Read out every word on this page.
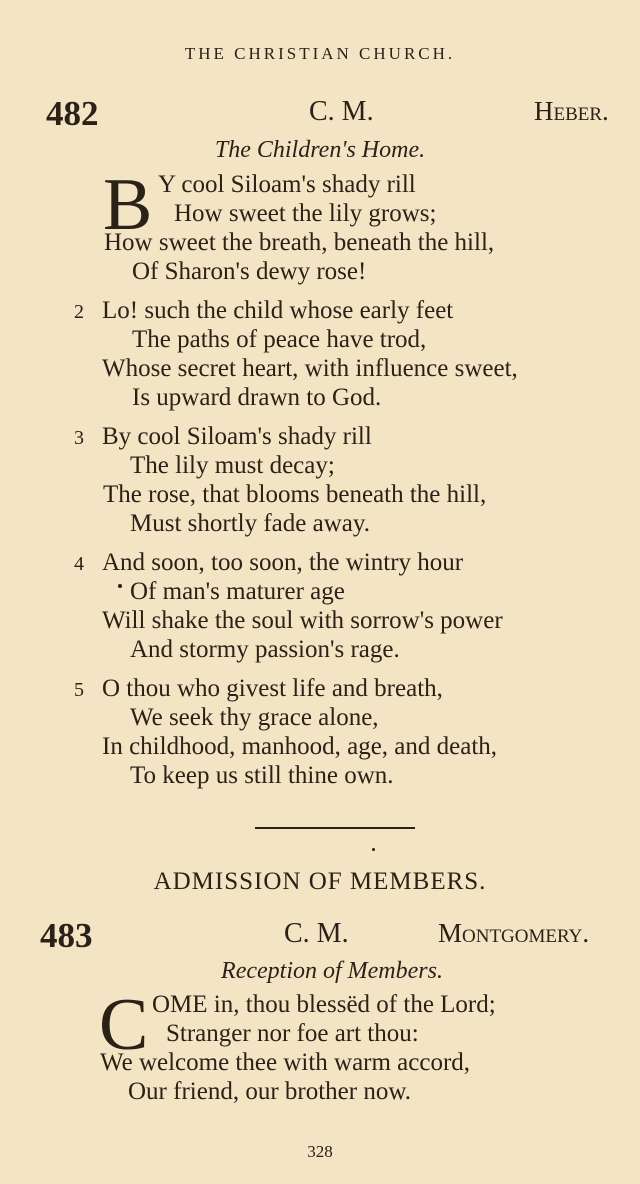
THE CHRISTIAN CHURCH.
482	C. M.	Heber.
The Children's Home.
B Y cool Siloam's shady rill
How sweet the lily grows;
How sweet the breath, beneath the hill,
Of Sharon's dewy rose!
2 Lo! such the child whose early feet
The paths of peace have trod,
Whose secret heart, with influence sweet,
Is upward drawn to God.
3 By cool Siloam's shady rill
The lily must decay;
The rose, that blooms beneath the hill,
Must shortly fade away.
4 And soon, too soon, the wintry hour
Of man's maturer age
Will shake the soul with sorrow's power
And stormy passion's rage.
5 O thou who givest life and breath,
We seek thy grace alone,
In childhood, manhood, age, and death,
To keep us still thine own.
ADMISSION OF MEMBERS.
483	C. M.	Montgomery.
Reception of Members.
C OME in, thou blessëd of the Lord;
Stranger nor foe art thou:
We welcome thee with warm accord,
Our friend, our brother now.
328
